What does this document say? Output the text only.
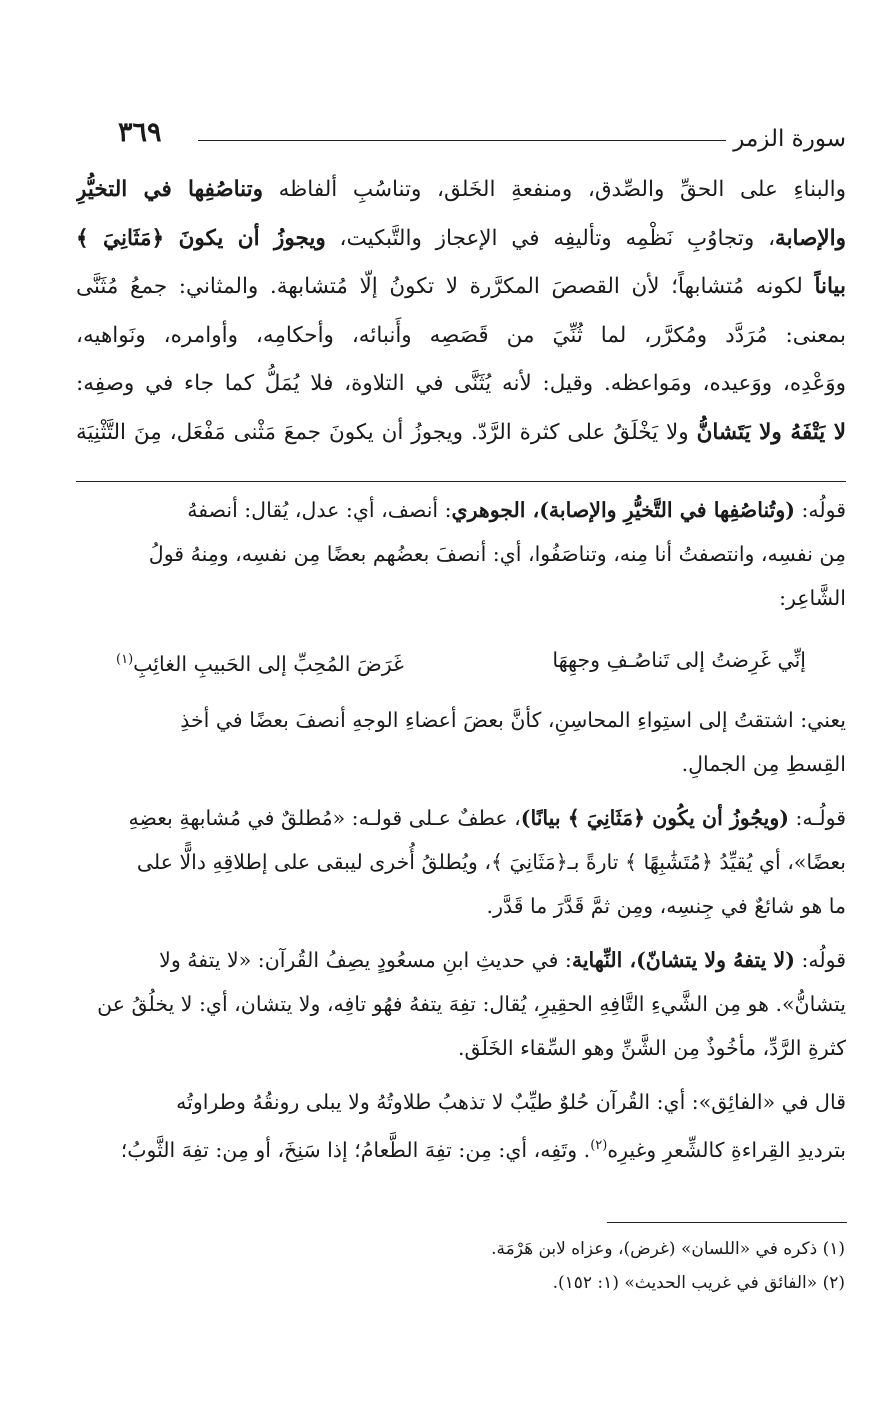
سورة الزمر
٣٦٩
والبناءِ على الحقِّ والصِّدق، ومنفعةِ الخَلق، وتناسُبِ ألفاظه وتناصُفِها في التخيُّرِ
والإصابة، وتجاوُبِ نَظْمِه وتأليفِه في الإعجاز والتَّبكيت، ويجوزُ أن يكونَ ﴿مَثَانِيَ ﴾
بياناً لكونه مُتشابهاً؛ لأن القصصَ المكرَّرة لا تكونُ إلّا مُتشابهة. والمثاني: جمعُ مُثَنَّى
بمعنى: مُرَدَّد ومُكرَّر، لما ثُنِّيَ من قَصَصِه وأَنبائه، وأحكامِه، وأوامره، ونَواهيه،
ووَعْدِه، ووَعيده، ومَواعظه. وقيل: لأنه يُثَنَّى في التلاوة، فلا يُمَلُّ كما جاء في وصفِه:
لا يَتْفَهُ ولا يَتَشانُّ ولا يَخْلَقُ على كثرة الرَّدّ. ويجوزُ أن يكونَ جمعَ مَثْنى مَفْعَل، مِنَ التَّثْنِيَة
قولُه: (وتُناصُفِها في التَّخيُّرِ والإصابة)، الجوهري: أنصف، أي: عدل، يُقال: أنصفهُ
مِن نفسِه، وانتصفتُ أنا مِنه، وتناصَفُوا، أي: أنصفَ بعضُهم بعضًا مِن نفسِه، ومِنهُ قولُ
الشَّاعِر:
إنِّي غَرِضتُ إلى تَناصُـفِ وجهِهَا
غَرَضَ المُحِبِّ إلى الحَبيبِ الغائِبِ$^{(١)}$
يعني: اشتقتُ إلى استِواءِ المحاسِنِ، كأنَّ بعضَ أعضاءِ الوجهِ أنصفَ بعضًا في أخذِ
القِسطِ مِن الجمالِ.
قولُـه: (ويجُوزُ أن يكُون ﴿مَثَانِيَ ﴾ بيانًا)، عطفٌ عـلى قولـه: «مُطلقٌ في مُشابهةِ بعضِهِ
بعضًا»، أي يُقيِّدُ ﴿مُتَشَٰبِهًا ﴾ تارةً بـ﴿مَثَانِيَ ﴾، ويُطلقُ أُخرى ليبقى على إطلاقِهِ دالًّا على
ما هو شائعٌ في جِنسِه، ومِن ثمَّ قَدَّرَ ما قَدَّر.
قولُه: (لا يتفهُ ولا يتشانّ)، النِّهاية: في حديثِ ابنِ مسعُودٍ يصِفُ القُرآن: «لا يتفهُ ولا
يتشانُّ». هو مِن الشَّيءِ التَّافِهِ الحقِيرِ، يُقال: تفِهَ يتفهُ فهُو تافِه، ولا يتشان، أي: لا يخلُقُ عن
كثرةِ الرَّدِّ، مأخُوذٌ مِن الشَّنِّ وهو السِّقاء الخَلَق.
قال في «الفائِق»: أي: القُرآن حُلوٌ طيِّبٌ لا تذهبُ طلاوتُهُ ولا يبلى رونقُهُ وطراوتُه
بترديدِ القِراءةِ كالشِّعرِ وغيرِه$^{(٢)}$. وتَفِه، أي: مِن: تفِهَ الطَّعامُ؛ إذا سَنِخَ، أو مِن: تفِهَ الثَّوبُ؛
(١) ذكره في «اللسان» (غرض)، وعزاه لابن هَرْمَة.
(٢) «الفائق في غريب الحديث» (١: ١٥٢).
